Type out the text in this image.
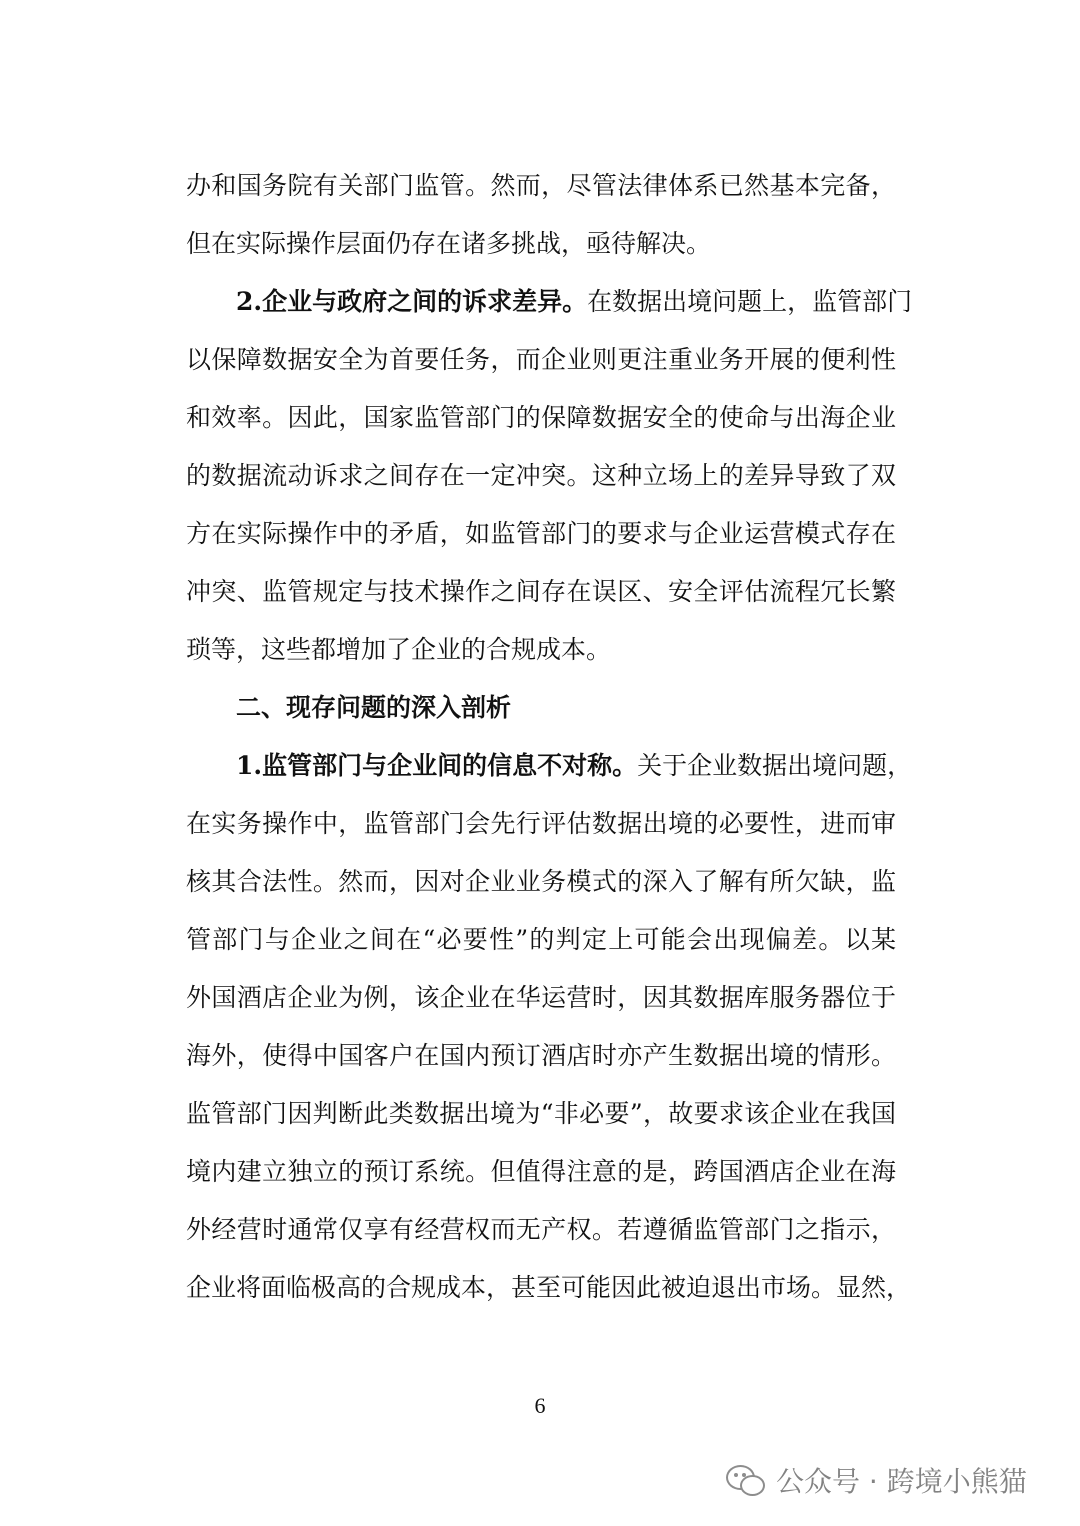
办和国务院有关部门监管。然而，尽管法律体系已然基本完备，
但在实际操作层面仍存在诸多挑战，亟待解决。
2.企业与政府之间的诉求差异。在数据出境问题上，监管部门
以保障数据安全为首要任务，而企业则更注重业务开展的便利性
和效率。因此，国家监管部门的保障数据安全的使命与出海企业
的数据流动诉求之间存在一定冲突。这种立场上的差异导致了双
方在实际操作中的矛盾，如监管部门的要求与企业运营模式存在
冲突、监管规定与技术操作之间存在误区、安全评估流程冗长繁
琐等，这些都增加了企业的合规成本。
二、现存问题的深入剖析
1.监管部门与企业间的信息不对称。关于企业数据出境问题，
在实务操作中，监管部门会先行评估数据出境的必要性，进而审
核其合法性。然而，因对企业业务模式的深入了解有所欠缺，监
管部门与企业之间在“必要性”的判定上可能会出现偏差。以某
外国酒店企业为例，该企业在华运营时，因其数据库服务器位于
海外，使得中国客户在国内预订酒店时亦产生数据出境的情形。
监管部门因判断此类数据出境为“非必要”，故要求该企业在我国
境内建立独立的预订系统。但值得注意的是，跨国酒店企业在海
外经营时通常仅享有经营权而无产权。若遵循监管部门之指示，
企业将面临极高的合规成本，甚至可能因此被迫退出市场。显然，
6
公众号 · 跨境小熊猫
